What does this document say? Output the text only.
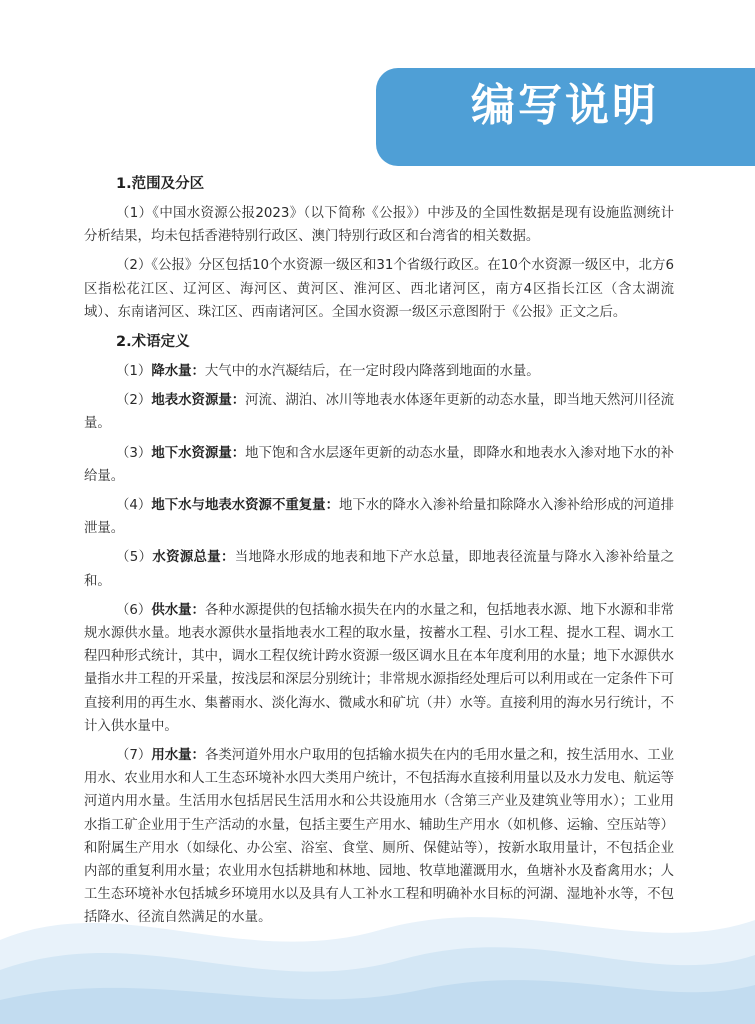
编写说明
1.范围及分区

（1）《中国水资源公报2023》（以下简称《公报》）中涉及的全国性数据是现有设施监测统计分析结果，均未包括香港特别行政区、澳门特别行政区和台湾省的相关数据。

（2）《公报》分区包括10个水资源一级区和31个省级行政区。在10个水资源一级区中，北方6区指松花江区、辽河区、海河区、黄河区、淮河区、西北诸河区，南方4区指长江区（含太湖流域）、东南诸河区、珠江区、西南诸河区。全国水资源一级区示意图附于《公报》正文之后。

2.术语定义

（1）降水量：大气中的水汽凝结后，在一定时段内降落到地面的水量。

（2）地表水资源量：河流、湖泊、冰川等地表水体逐年更新的动态水量，即当地天然河川径流量。

（3）地下水资源量：地下饱和含水层逐年更新的动态水量，即降水和地表水入渗对地下水的补给量。

（4）地下水与地表水资源不重复量：地下水的降水入渗补给量扣除降水入渗补给形成的河道排泄量。

（5）水资源总量：当地降水形成的地表和地下产水总量，即地表径流量与降水入渗补给量之和。

（6）供水量：各种水源提供的包括输水损失在内的水量之和，包括地表水源、地下水源和非常规水源供水量。地表水源供水量指地表水工程的取水量，按蓄水工程、引水工程、提水工程、调水工程四种形式统计，其中，调水工程仅统计跨水资源一级区调水且在本年度利用的水量；地下水源供水量指水井工程的开采量，按浅层和深层分别统计；非常规水源指经处理后可以利用或在一定条件下可直接利用的再生水、集蓄雨水、淡化海水、微咸水和矿坑（井）水等。直接利用的海水另行统计，不计入供水量中。

（7）用水量：各类河道外用水户取用的包括输水损失在内的毛用水量之和，按生活用水、工业用水、农业用水和人工生态环境补水四大类用户统计，不包括海水直接利用量以及水力发电、航运等河道内用水量。生活用水包括居民生活用水和公共设施用水（含第三产业及建筑业等用水）；工业用水指工矿企业用于生产活动的水量，包括主要生产用水、辅助生产用水（如机修、运输、空压站等）和附属生产用水（如绿化、办公室、浴室、食堂、厕所、保健站等），按新水取用量计，不包括企业内部的重复利用水量；农业用水包括耕地和林地、园地、牧草地灌溉用水，鱼塘补水及畜禽用水；人工生态环境补水包括城乡环境用水以及具有人工补水工程和明确补水目标的河湖、湿地补水等，不包括降水、径流自然满足的水量。
